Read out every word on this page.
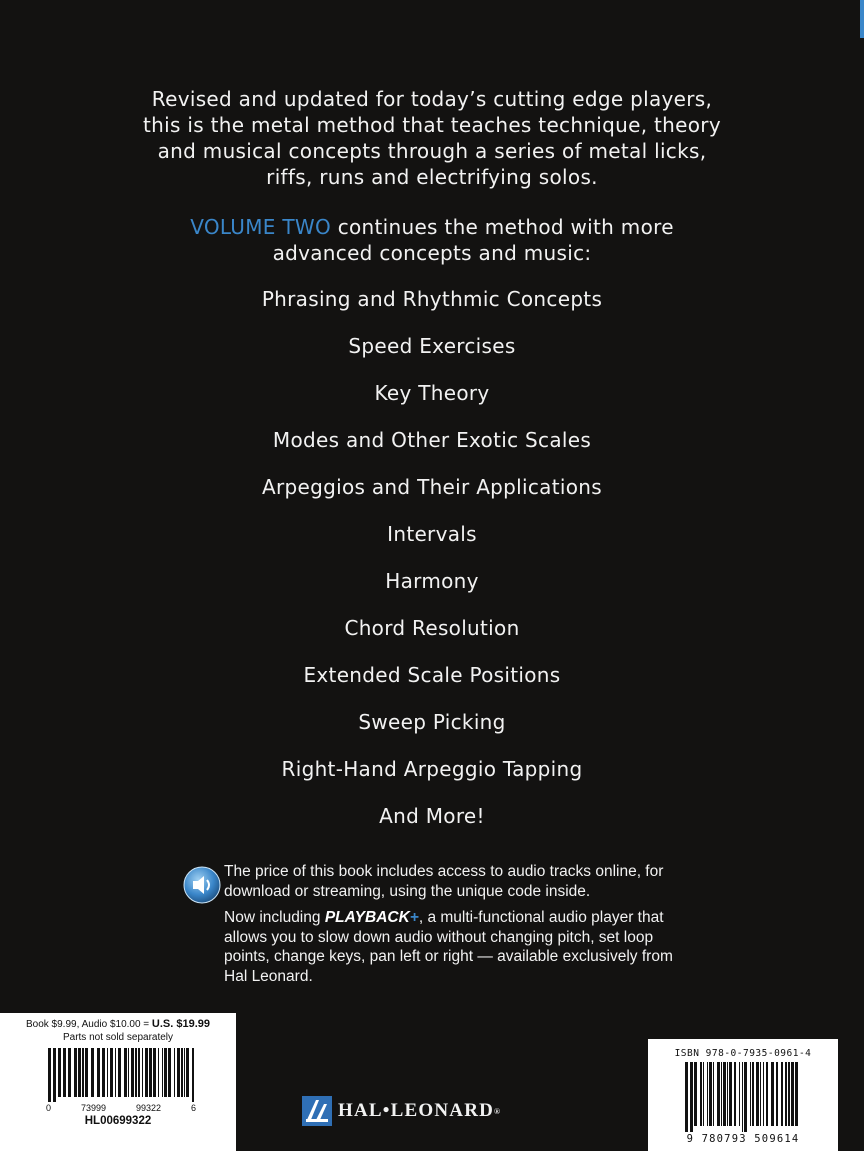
Revised and updated for today’s cutting edge players,

this is the metal method that teaches technique, theory

and musical concepts through a series of metal licks,

riffs, runs and electrifying solos.

VOLUME TWO continues the method with more

advanced concepts and music:

Phrasing and Rhythmic Concepts
Speed Exercises
Key Theory
Modes and Other Exotic Scales
Arpeggios and Their Applications
Intervals
Harmony
Chord Resolution
Extended Scale Positions
Sweep Picking
Right-Hand Arpeggio Tapping
And More!

The price of this book includes access to audio tracks online, for download or streaming, using the unique code inside.

Now including PLAYBACK+, a multi-functional audio player that allows you to slow down audio without changing pitch, set loop points, change keys, pan left or right — available exclusively from Hal Leonard.

Book $9.99, Audio $10.00 = U.S. $19.99
Parts not sold separately
0	73999	99322	6
HL00699322
ISBN 978-0-7935-0961-4
9 780793 509614
HAL•LEONARD ®
